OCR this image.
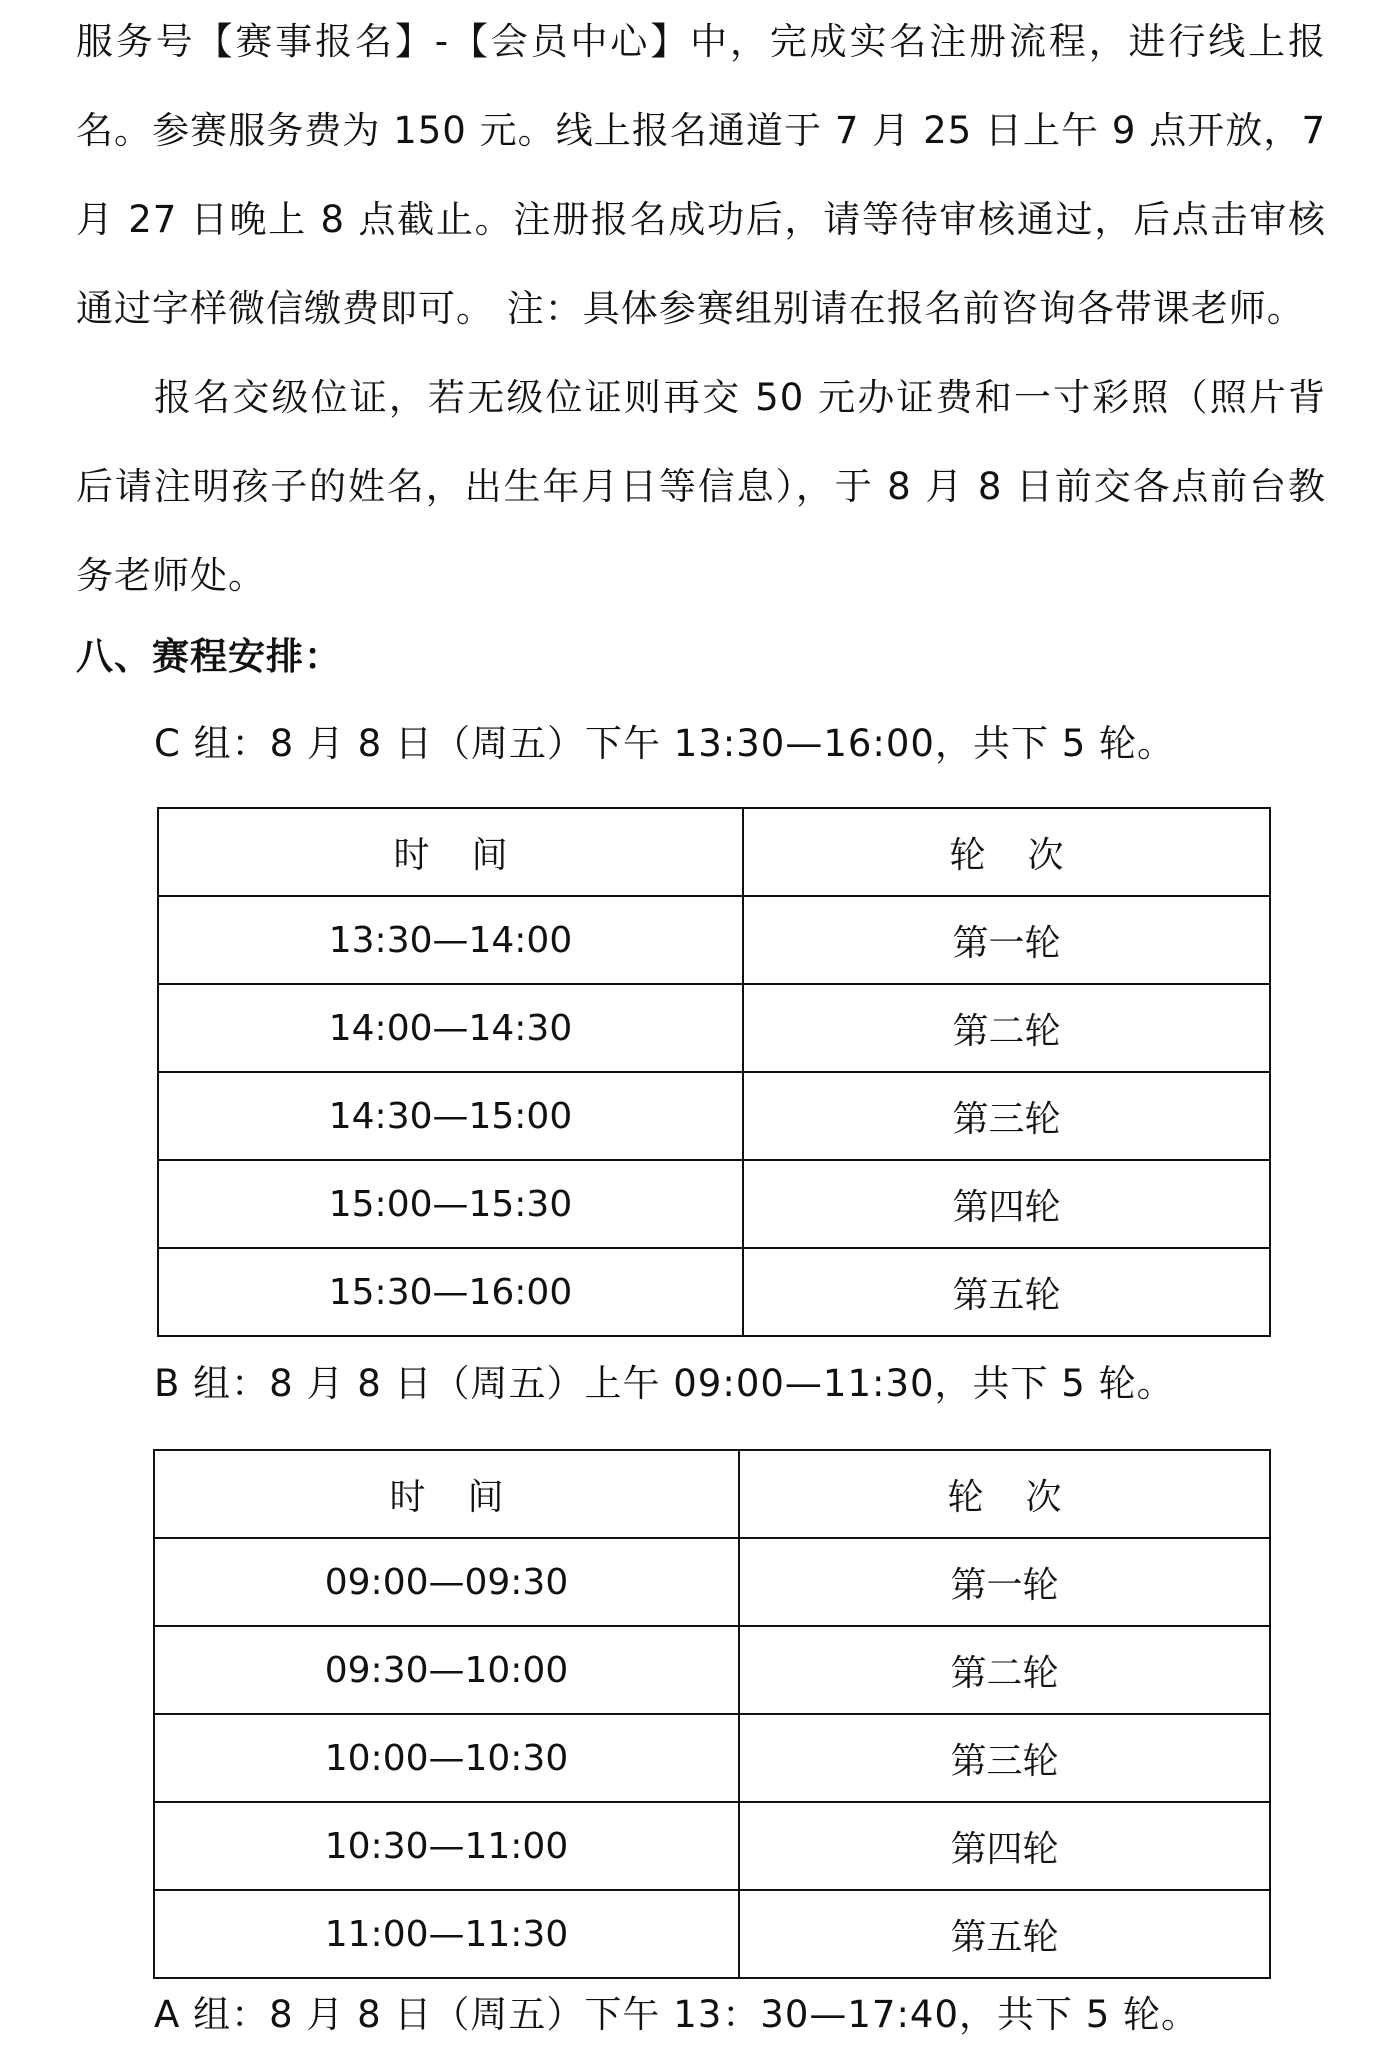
服务号【赛事报名】-【会员中心】中，完成实名注册流程，进行线上报名。参赛服务费为 150 元。线上报名通道于 7 月 25 日上午 9 点开放，7 月 27 日晚上 8 点截止。注册报名成功后，请等待审核通过，后点击审核通过字样微信缴费即可。 注：具体参赛组别请在报名前咨询各带课老师。

报名交级位证，若无级位证则再交 50 元办证费和一寸彩照（照片背后请注明孩子的姓名，出生年月日等信息），于 8 月 8 日前交各点前台教务老师处。

八、赛程安排：

C 组：8 月 8 日（周五）下午 13:30—16:00，共下 5 轮。

时间	轮次
13:30—14:00	第一轮
14:00—14:30	第二轮
14:30—15:00	第三轮
15:00—15:30	第四轮
15:30—16:00	第五轮

B 组：8 月 8 日（周五）上午 09:00—11:30，共下 5 轮。

时间	轮次
09:00—09:30	第一轮
09:30—10:00	第二轮
10:00—10:30	第三轮
10:30—11:00	第四轮
11:00—11:30	第五轮

A 组：8 月 8 日（周五）下午 13：30—17:40，共下 5 轮。
